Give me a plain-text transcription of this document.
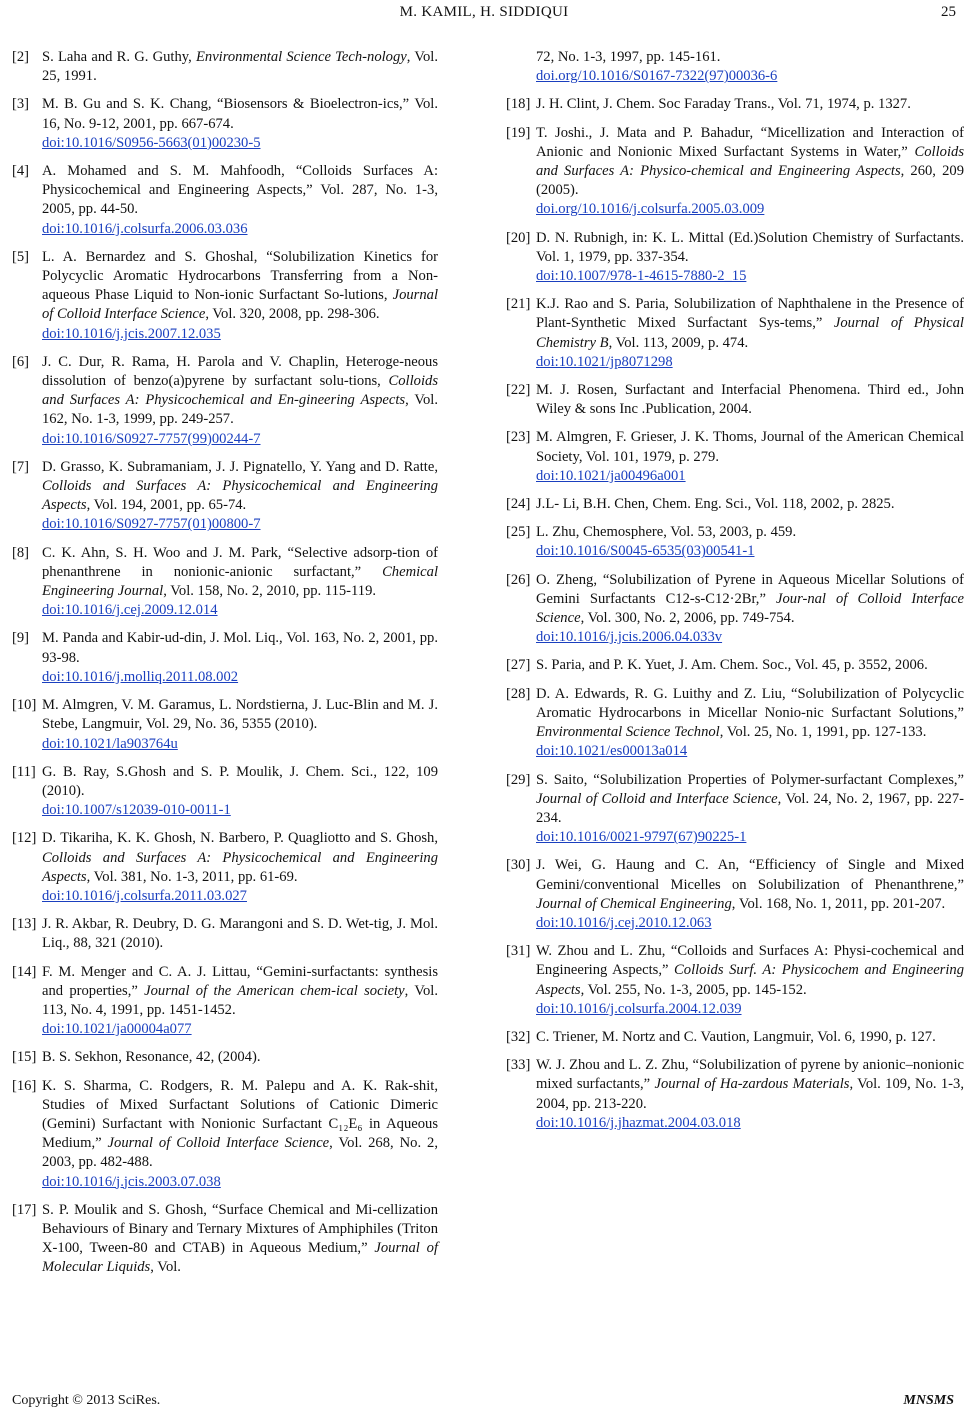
M. KAMIL, H. SIDDIQUI	25
[2] S. Laha and R. G. Guthy, Environmental Science Tech-nology, Vol. 25, 1991.
[3] M. B. Gu and S. K. Chang, “Biosensors & Bioelectron-ics,” Vol. 16, No. 9-12, 2001, pp. 667-674.
doi:10.1016/S0956-5663(01)00230-5
[4] A. Mohamed and S. M. Mahfoodh, “Colloids Surfaces A: Physicochemical and Engineering Aspects,” Vol. 287, No. 1-3, 2005, pp. 44-50.
doi:10.1016/j.colsurfa.2006.03.036
[5] L. A. Bernardez and S. Ghoshal, “Solubilization Kinetics for Polycyclic Aromatic Hydrocarbons Transferring from a Non-aqueous Phase Liquid to Non-ionic Surfactant So-lutions, Journal of Colloid Interface Science, Vol. 320, 2008, pp. 298-306.
doi:10.1016/j.jcis.2007.12.035
[6] J. C. Dur, R. Rama, H. Parola and V. Chaplin, Heteroge-neous dissolution of benzo(a)pyrene by surfactant solu-tions, Colloids and Surfaces A: Physicochemical and En-gineering Aspects, Vol. 162, No. 1-3, 1999, pp. 249-257.
doi:10.1016/S0927-7757(99)00244-7
[7] D. Grasso, K. Subramaniam, J. J. Pignatello, Y. Yang and D. Ratte, Colloids and Surfaces A: Physicochemical and Engineering Aspects, Vol. 194, 2001, pp. 65-74.
doi:10.1016/S0927-7757(01)00800-7
[8] C. K. Ahn, S. H. Woo and J. M. Park, “Selective adsorp-tion of phenanthrene in nonionic-anionic surfactant,” Chemical Engineering Journal, Vol. 158, No. 2, 2010, pp. 115-119.
doi:10.1016/j.cej.2009.12.014
[9] M. Panda and Kabir-ud-din, J. Mol. Liq., Vol. 163, No. 2, 2001, pp. 93-98.
doi:10.1016/j.molliq.2011.08.002
[10] M. Almgren, V. M. Garamus, L. Nordstierna, J. Luc-Blin and M. J. Stebe, Langmuir, Vol. 29, No. 36, 5355 (2010).
doi:10.1021/la903764u
[11] G. B. Ray, S.Ghosh and S. P. Moulik, J. Chem. Sci., 122, 109 (2010).
doi:10.1007/s12039-010-0011-1
[12] D. Tikariha, K. K. Ghosh, N. Barbero, P. Quagliotto and S. Ghosh, Colloids and Surfaces A: Physicochemical and Engineering Aspects, Vol. 381, No. 1-3, 2011, pp. 61-69.
doi:10.1016/j.colsurfa.2011.03.027
[13] J. R. Akbar, R. Deubry, D. G. Marangoni and S. D. Wet-tig, J. Mol. Liq., 88, 321 (2010).
[14] F. M. Menger and C. A. J. Littau, “Gemini-surfactants: synthesis and properties,” Journal of the American chem-ical society, Vol. 113, No. 4, 1991, pp. 1451-1452.
doi:10.1021/ja00004a077
[15] B. S. Sekhon, Resonance, 42, (2004).
[16] K. S. Sharma, C. Rodgers, R. M. Palepu and A. K. Rak-shit, Studies of Mixed Surfactant Solutions of Cationic Dimeric (Gemini) Surfactant with Nonionic Surfactant C₁₂E₆ in Aqueous Medium,” Journal of Colloid Interface Science, Vol. 268, No. 2, 2003, pp. 482-488.
doi:10.1016/j.jcis.2003.07.038
[17] S. P. Moulik and S. Ghosh, “Surface Chemical and Mi-cellization Behaviours of Binary and Ternary Mixtures of Amphiphiles (Triton X-100, Tween-80 and CTAB) in Aqueous Medium,” Journal of Molecular Liquids, Vol.
72, No. 1-3, 1997, pp. 145-161.
doi.org/10.1016/S0167-7322(97)00036-6
[18] J. H. Clint, J. Chem. Soc Faraday Trans., Vol. 71, 1974, p. 1327.
[19] T. Joshi., J. Mata and P. Bahadur, “Micellization and Interaction of Anionic and Nonionic Mixed Surfactant Systems in Water,” Colloids and Surfaces A: Physico-chemical and Engineering Aspects, 260, 209 (2005).
doi.org/10.1016/j.colsurfa.2005.03.009
[20] D. N. Rubnigh, in: K. L. Mittal (Ed.)Solution Chemistry of Surfactants. Vol. 1, 1979, pp. 337-354.
doi:10.1007/978-1-4615-7880-2_15
[21] K.J. Rao and S. Paria, Solubilization of Naphthalene in the Presence of Plant-Synthetic Mixed Surfactant Sys-tems,” Journal of Physical Chemistry B, Vol. 113, 2009, p. 474.
doi:10.1021/jp8071298
[22] M. J. Rosen, Surfactant and Interfacial Phenomena. Third ed., John Wiley & sons Inc .Publication, 2004.
[23] M. Almgren, F. Grieser, J. K. Thoms, Journal of the American Chemical Society, Vol. 101, 1979, p. 279.
doi:10.1021/ja00496a001
[24] J.L- Li, B.H. Chen, Chem. Eng. Sci., Vol. 118, 2002, p. 2825.
[25] L. Zhu, Chemosphere, Vol. 53, 2003, p. 459.
doi:10.1016/S0045-6535(03)00541-1
[26] O. Zheng, “Solubilization of Pyrene in Aqueous Micellar Solutions of Gemini Surfactants C12-s-C12·2Br,” Jour-nal of Colloid Interface Science, Vol. 300, No. 2, 2006, pp. 749-754.
doi:10.1016/j.jcis.2006.04.033v
[27] S. Paria, and P. K. Yuet, J. Am. Chem. Soc., Vol. 45, p. 3552, 2006.
[28] D. A. Edwards, R. G. Luithy and Z. Liu, “Solubilization of Polycyclic Aromatic Hydrocarbons in Micellar Nonio-nic Surfactant Solutions,” Environmental Science Technol, Vol. 25, No. 1, 1991, pp. 127-133.
doi:10.1021/es00013a014
[29] S. Saito, “Solubilization Properties of Polymer-surfactant Complexes,” Journal of Colloid and Interface Science, Vol. 24, No. 2, 1967, pp. 227-234.
doi:10.1016/0021-9797(67)90225-1
[30] J. Wei, G. Haung and C. An, “Efficiency of Single and Mixed Gemini/conventional Micelles on Solubilization of Phenanthrene,” Journal of Chemical Engineering, Vol. 168, No. 1, 2011, pp. 201-207.
doi:10.1016/j.cej.2010.12.063
[31] W. Zhou and L. Zhu, “Colloids and Surfaces A: Physi-cochemical and Engineering Aspects,” Colloids Surf. A: Physicochem and Engineering Aspects, Vol. 255, No. 1-3, 2005, pp. 145-152.
doi:10.1016/j.colsurfa.2004.12.039
[32] C. Triener, M. Nortz and C. Vaution, Langmuir, Vol. 6, 1990, p. 127.
[33] W. J. Zhou and L. Z. Zhu, “Solubilization of pyrene by anionic–nonionic mixed surfactants,” Journal of Ha-zardous Materials, Vol. 109, No. 1-3, 2004, pp. 213-220.
doi:10.1016/j.jhazmat.2004.03.018
Copyright © 2013 SciRes.	MNSMS
